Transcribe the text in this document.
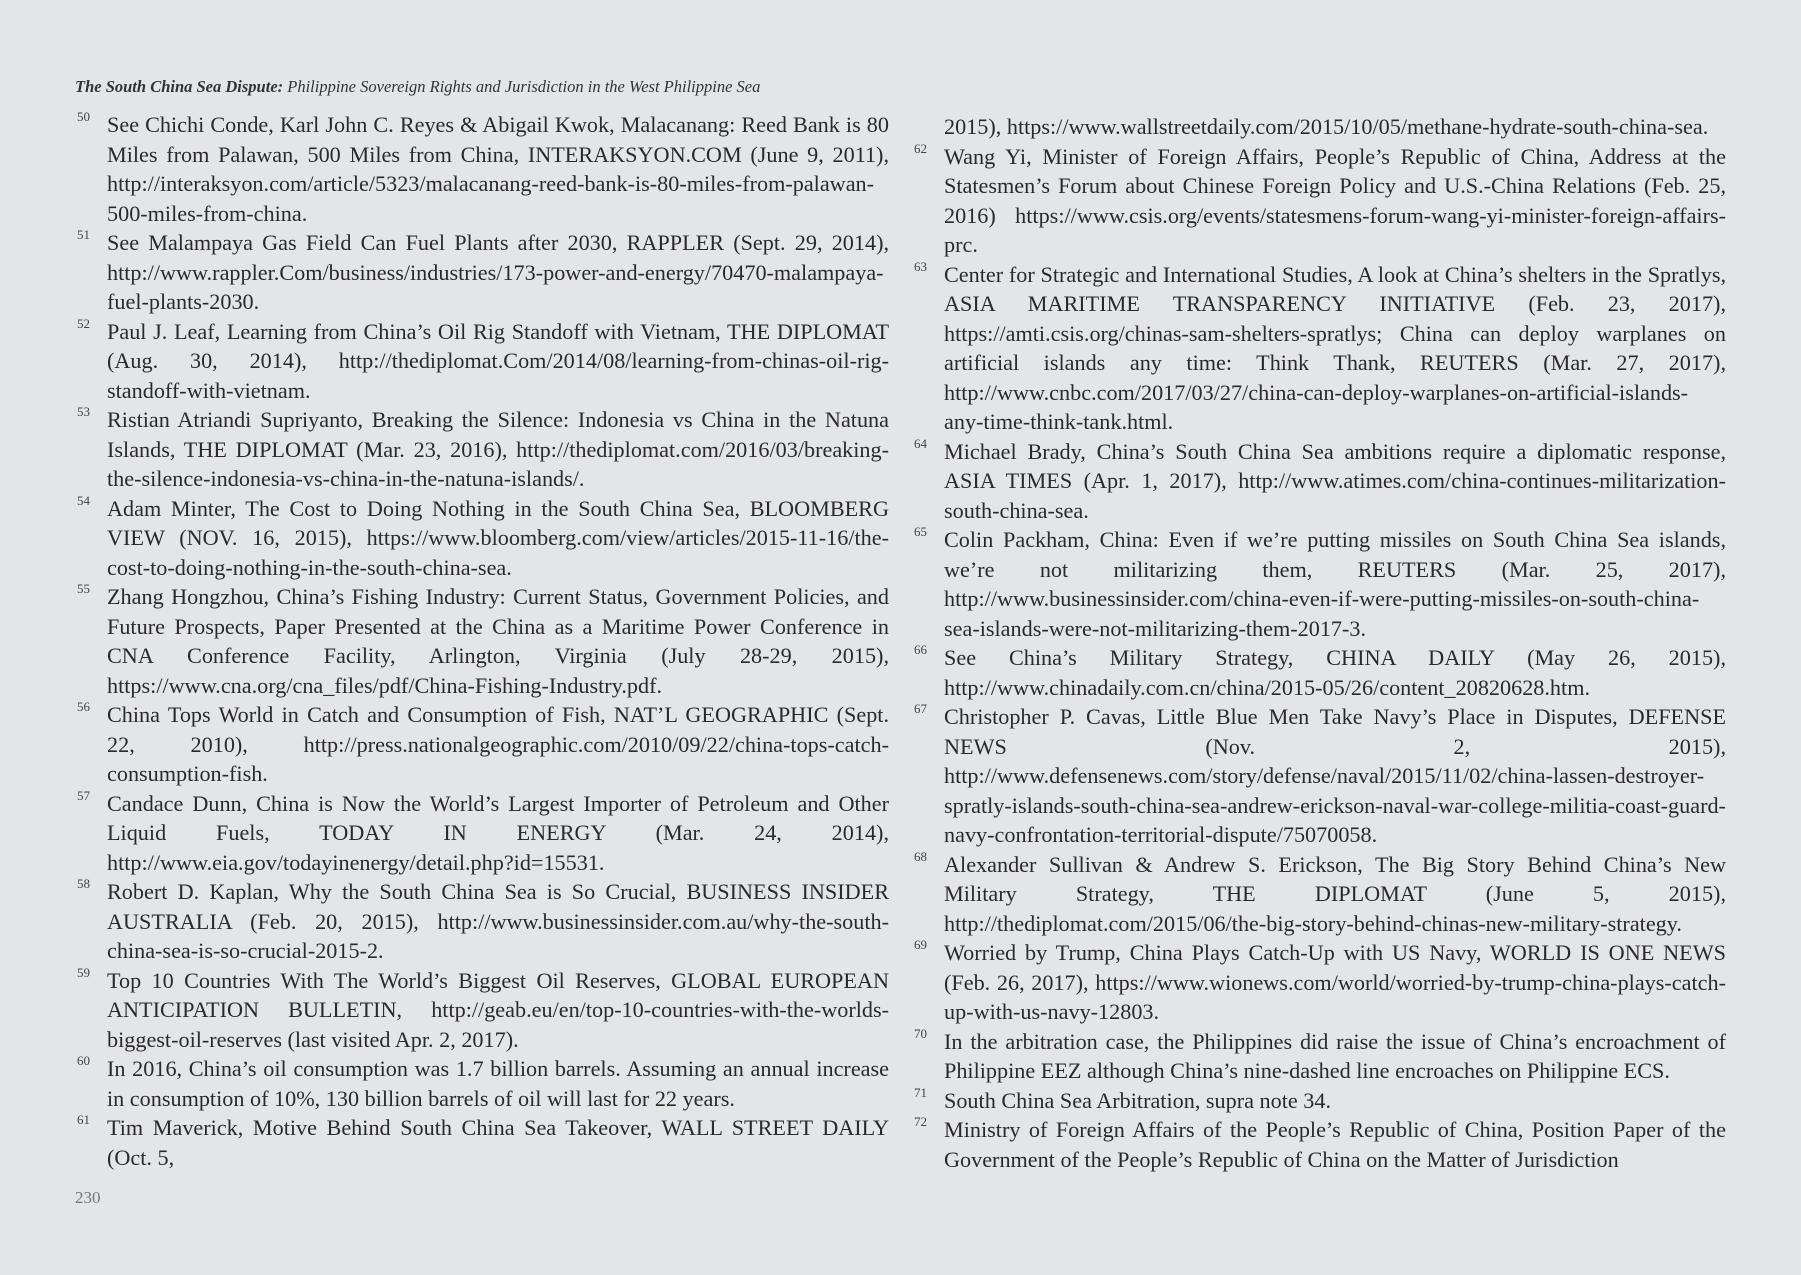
The South China Sea Dispute: Philippine Sovereign Rights and Jurisdiction in the West Philippine Sea

50 See Chichi Conde, Karl John C. Reyes & Abigail Kwok, Malacanang: Reed Bank is 80 Miles from Palawan, 500 Miles from China, INTERAKSYON.COM (June 9, 2011), http://interaksyon.com/article/5323/malacanang-reed-bank-is-80-miles-from-palawan-500-miles-from-china.

51 See Malampaya Gas Field Can Fuel Plants after 2030, RAPPLER (Sept. 29, 2014), http://www.rappler.Com/business/industries/173-power-and-energy/70470-malampaya-fuel-plants-2030.

52 Paul J. Leaf, Learning from China’s Oil Rig Standoff with Vietnam, THE DIPLOMAT (Aug. 30, 2014), http://thediplomat.Com/2014/08/learning-from-chinas-oil-rig-standoff-with-vietnam.

53 Ristian Atriandi Supriyanto, Breaking the Silence: Indonesia vs China in the Natuna Islands, THE DIPLOMAT (Mar. 23, 2016), http://thediplomat.com/2016/03/breaking-the-silence-indonesia-vs-china-in-the-natuna-islands/.

54 Adam Minter, The Cost to Doing Nothing in the South China Sea, BLOOMBERG VIEW (NOV. 16, 2015), https://www.bloomberg.com/view/articles/2015-11-16/the-cost-to-doing-nothing-in-the-south-china-sea.

55 Zhang Hongzhou, China’s Fishing Industry: Current Status, Government Policies, and Future Prospects, Paper Presented at the China as a Maritime Power Conference in CNA Conference Facility, Arlington, Virginia (July 28-29, 2015), https://www.cna.org/cna_files/pdf/China-Fishing-Industry.pdf.

56 China Tops World in Catch and Consumption of Fish, NAT’L GEOGRAPHIC (Sept. 22, 2010), http://press.nationalgeographic.com/2010/09/22/china-tops-catch-consumption-fish.

57 Candace Dunn, China is Now the World’s Largest Importer of Petroleum and Other Liquid Fuels, TODAY IN ENERGY (Mar. 24, 2014), http://www.eia.gov/todayinenergy/detail.php?id=15531.

58 Robert D. Kaplan, Why the South China Sea is So Crucial, BUSINESS INSIDER AUSTRALIA (Feb. 20, 2015), http://www.businessinsider.com.au/why-the-south-china-sea-is-so-crucial-2015-2.

59 Top 10 Countries With The World’s Biggest Oil Reserves, GLOBAL EUROPEAN ANTICIPATION BULLETIN, http://geab.eu/en/top-10-countries-with-the-worlds-biggest-oil-reserves (last visited Apr. 2, 2017).

60 In 2016, China’s oil consumption was 1.7 billion barrels. Assuming an annual increase in consumption of 10%, 130 billion barrels of oil will last for 22 years.

61 Tim Maverick, Motive Behind South China Sea Takeover, WALL STREET DAILY (Oct. 5,

2015), https://www.wallstreetdaily.com/2015/10/05/methane-hydrate-south-china-sea.

62 Wang Yi, Minister of Foreign Affairs, People’s Republic of China, Address at the Statesmen’s Forum about Chinese Foreign Policy and U.S.-China Relations (Feb. 25, 2016) https://www.csis.org/events/statesmens-forum-wang-yi-minister-foreign-affairs-prc.

63 Center for Strategic and International Studies, A look at China’s shelters in the Spratlys, ASIA MARITIME TRANSPARENCY INITIATIVE (Feb. 23, 2017), https://amti.csis.org/chinas-sam-shelters-spratlys; China can deploy warplanes on artificial islands any time: Think Thank, REUTERS (Mar. 27, 2017), http://www.cnbc.com/2017/03/27/china-can-deploy-warplanes-on-artificial-islands-any-time-think-tank.html.

64 Michael Brady, China’s South China Sea ambitions require a diplomatic response, ASIA TIMES (Apr. 1, 2017), http://www.atimes.com/china-continues-militarization-south-china-sea.

65 Colin Packham, China: Even if we’re putting missiles on South China Sea islands, we’re not militarizing them, REUTERS (Mar. 25, 2017), http://www.businessinsider.com/china-even-if-were-putting-missiles-on-south-china-sea-islands-were-not-militarizing-them-2017-3.

66 See China’s Military Strategy, CHINA DAILY (May 26, 2015), http://www.chinadaily.com.cn/china/2015-05/26/content_20820628.htm.

67 Christopher P. Cavas, Little Blue Men Take Navy’s Place in Disputes, DEFENSE NEWS (Nov. 2, 2015), http://www.defensenews.com/story/defense/naval/2015/11/02/china-lassen-destroyer-spratly-islands-south-china-sea-andrew-erickson-naval-war-college-militia-coast-guard-navy-confrontation-territorial-dispute/75070058.

68 Alexander Sullivan & Andrew S. Erickson, The Big Story Behind China’s New Military Strategy, THE DIPLOMAT (June 5, 2015), http://thediplomat.com/2015/06/the-big-story-behind-chinas-new-military-strategy.

69 Worried by Trump, China Plays Catch-Up with US Navy, WORLD IS ONE NEWS (Feb. 26, 2017), https://www.wionews.com/world/worried-by-trump-china-plays-catch-up-with-us-navy-12803.

70 In the arbitration case, the Philippines did raise the issue of China’s encroachment of Philippine EEZ although China’s nine-dashed line encroaches on Philippine ECS.

71 South China Sea Arbitration, supra note 34.

72 Ministry of Foreign Affairs of the People’s Republic of China, Position Paper of the Government of the People’s Republic of China on the Matter of Jurisdiction

230
